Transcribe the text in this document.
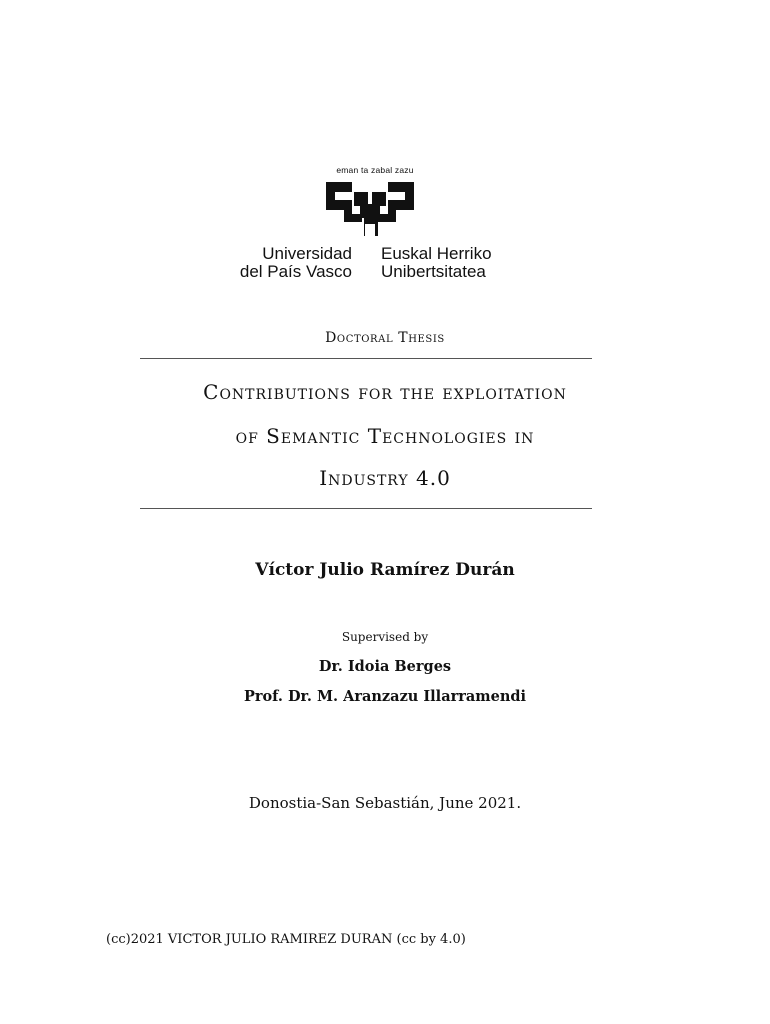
eman ta zabal zazu
Universidad
del País Vasco
Euskal Herriko
Unibertsitatea
Doctoral Thesis
Contributions for the exploitation
of Semantic Technologies in
Industry 4.0
Víctor Julio Ramírez Durán
Supervised by
Dr. Idoia Berges
Prof. Dr. M. Aranzazu Illarramendi
Donostia-San Sebastián, June 2021.
(cc)2021 VICTOR JULIO RAMIREZ DURAN (cc by 4.0)
